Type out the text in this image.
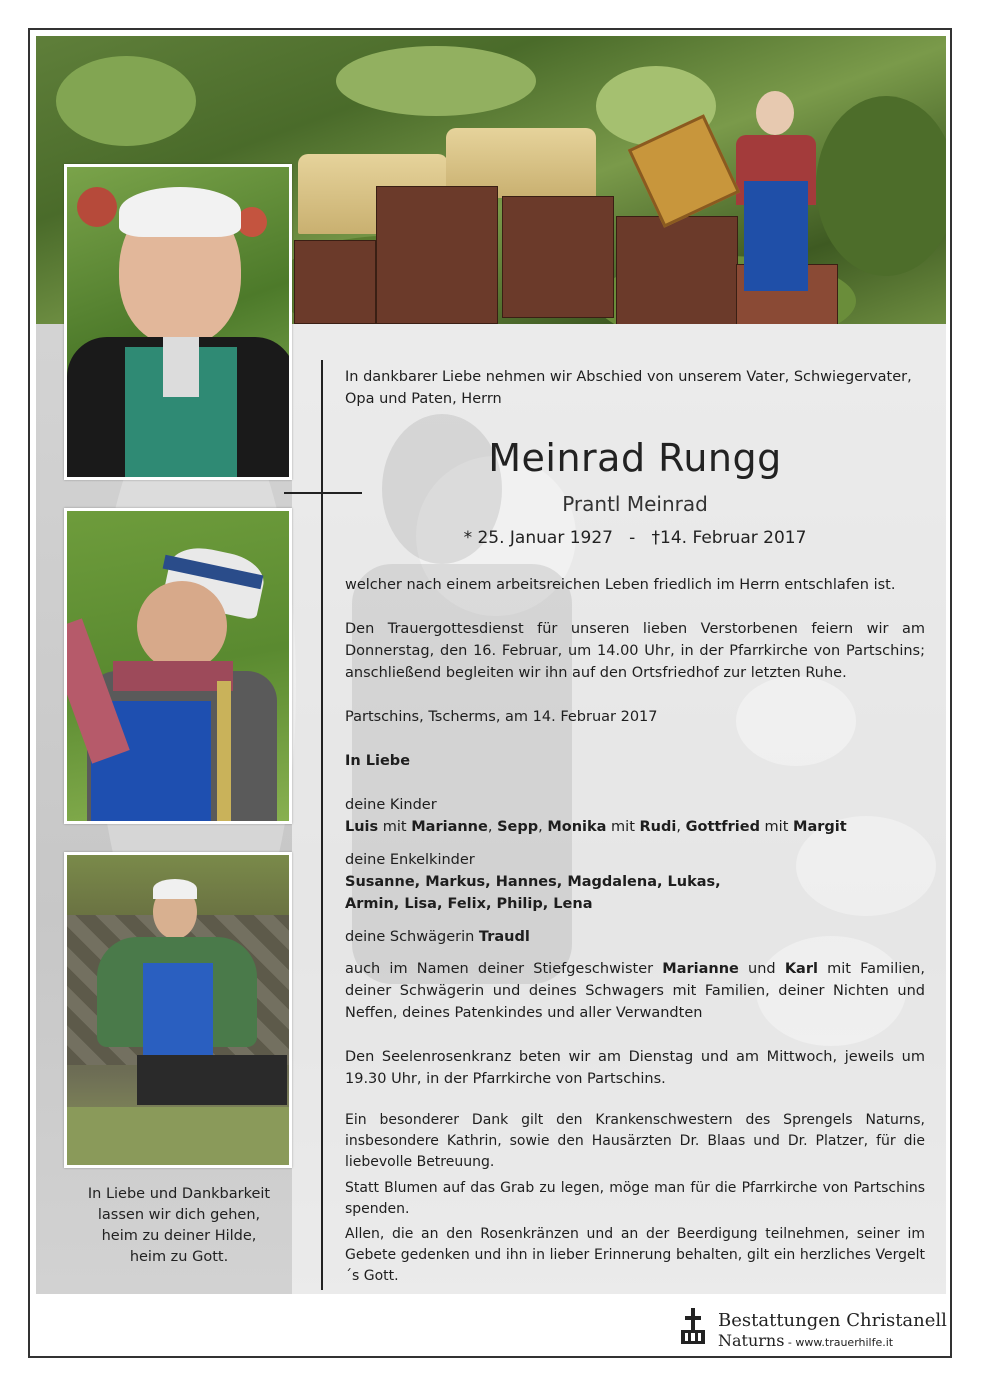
In dankbarer Liebe nehmen wir Abschied von unserem Vater, Schwiegervater, Opa und Paten, Herrn
Meinrad Rungg
Prantl Meinrad
* 25. Januar 1927   -   †14. Februar 2017
welcher nach einem arbeitsreichen Leben friedlich im Herrn entschlafen ist.
Den Trauergottesdienst für unseren lieben Verstorbenen feiern wir am Donnerstag, den 16. Februar, um 14.00 Uhr, in der Pfarrkirche von Partschins; anschließend begleiten wir ihn auf den Ortsfriedhof zur letzten Ruhe.
Partschins, Tscherms, am 14. Februar 2017
In Liebe
deine Kinder
Luis mit Marianne, Sepp, Monika mit Rudi, Gottfried mit Margit
deine Enkelkinder
Susanne, Markus, Hannes, Magdalena, Lukas,
Armin, Lisa, Felix, Philip, Lena
deine Schwägerin Traudl
auch im Namen deiner Stiefgeschwister Marianne und Karl mit Familien, deiner Schwägerin und deines Schwagers mit Familien, deiner Nichten und Neffen, deines Patenkindes und aller Verwandten
Den Seelenrosenkranz beten wir am Dienstag und am Mittwoch, jeweils um 19.30 Uhr, in der Pfarrkirche von Partschins.
Ein besonderer Dank gilt den Krankenschwestern des Sprengels Naturns, insbesondere Kathrin, sowie den Hausärzten Dr. Blaas und Dr. Platzer, für die liebevolle Betreuung.
Statt Blumen auf das Grab zu legen, möge man für die Pfarrkirche von Partschins spenden.
Allen, die an den Rosenkränzen und an der Beerdigung teilnehmen, seiner im Gebete gedenken und ihn in lieber Erinnerung behalten, gilt ein herzliches Vergelt´s Gott.
In Liebe und Dankbarkeit
lassen wir dich gehen,
heim zu deiner Hilde,
heim zu Gott.
Bestattungen Christanell
Naturns - www.trauerhilfe.it
